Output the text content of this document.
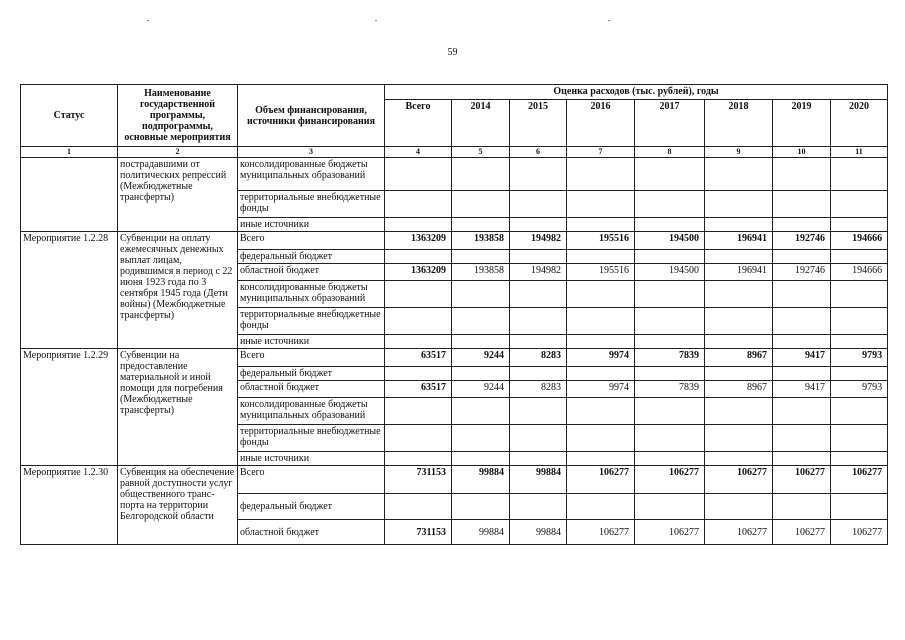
59
Статус	Наименование государственной программы, подпрограммы, основные мероприятия	Объем финансирования, источники финансирования	Оценка расходов (тыс. рублей), годы							
			Всего	2014	2015	2016	2017	2018	2019	2020
1	2	3	4	5	6	7	8	9	10	11
	пострадавшими от политических репрессий (Межбюджетные трансферты)	консолидированные бюджеты муниципальных образований								
		территориальные внебюджетные фонды								
		иные источники								
Мероприятие 1.2.28	Субвенции на оплату ежемесячных денежных выплат лицам, родившимся в период с 22 июня 1923 года по 3 сентября 1945 года (Дети войны) (Межбюджетные трансферты)	Всего	1363209	193858	194982	195516	194500	196941	192746	194666
		федеральный бюджет								
		областной бюджет	1363209	193858	194982	195516	194500	196941	192746	194666
		консолидированные бюджеты муниципальных образований								
		территориальные внебюджетные фонды								
		иные источники								
Мероприятие 1.2.29	Субвенции на предоставление материальной и иной помощи для погребения (Межбюджетные трансферты)	Всего	63517	9244	8283	9974	7839	8967	9417	9793
		федеральный бюджет								
		областной бюджет	63517	9244	8283	9974	7839	8967	9417	9793
		консолидированные бюджеты муниципальных образований								
		территориальные внебюджетные фонды								
		иные источники								
Мероприятие 1.2.30	Субвенция на обеспечение равной доступности услуг общественного транс-порта на территории Белгородской области	Всего	731153	99884	99884	106277	106277	106277	106277	106277
		федеральный бюджет								
		областной бюджет	731153	99884	99884	106277	106277	106277	106277	106277
